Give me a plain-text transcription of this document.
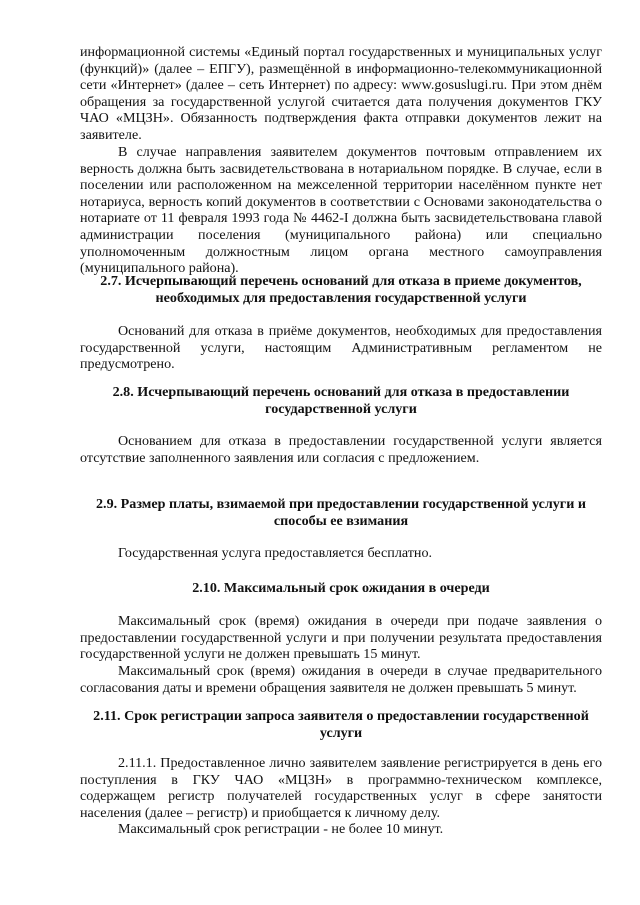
информационной системы «Единый портал государственных и муниципальных услуг (функций)» (далее – ЕПГУ), размещённой в информационно-телекоммуникационной сети «Интернет» (далее – сеть Интернет) по адресу: www.gosuslugi.ru. При этом днём обращения за государственной услугой считается дата получения документов ГКУ ЧАО «МЦЗН». Обязанность подтверждения факта отправки документов лежит на заявителе.

В случае направления заявителем документов почтовым отправлением их верность должна быть засвидетельствована в нотариальном порядке. В случае, если в поселении или расположенном на межселенной территории населённом пункте нет нотариуса, верность копий документов в соответствии с Основами законодательства о нотариате от 11 февраля 1993 года № 4462-I должна быть засвидетельствована главой администрации поселения (муниципального района) или специально уполномоченным должностным лицом органа местного самоуправления (муниципального района).

2.7. Исчерпывающий перечень оснований для отказа в приеме документов, необходимых для предоставления государственной услуги

Оснований для отказа в приёме документов, необходимых для предоставления государственной услуги, настоящим Административным регламентом не предусмотрено.

2.8. Исчерпывающий перечень оснований для отказа в предоставлении государственной услуги

Основанием для отказа в предоставлении государственной услуги является отсутствие заполненного заявления или согласия с предложением.

2.9. Размер платы, взимаемой при предоставлении государственной услуги и способы ее взимания

Государственная услуга предоставляется бесплатно.

2.10. Максимальный срок ожидания в очереди

Максимальный срок (время) ожидания в очереди при подаче заявления о предоставлении государственной услуги и при получении результата предоставления государственной услуги не должен превышать 15 минут.

Максимальный срок (время) ожидания в очереди в случае предварительного согласования даты и времени обращения заявителя не должен превышать 5 минут.

2.11. Срок регистрации запроса заявителя о предоставлении государственной услуги

2.11.1. Предоставленное лично заявителем заявление регистрируется в день его поступления в ГКУ ЧАО «МЦЗН» в программно-техническом комплексе, содержащем регистр получателей государственных услуг в сфере занятости населения (далее – регистр) и приобщается к личному делу.

Максимальный срок регистрации - не более 10 минут.
